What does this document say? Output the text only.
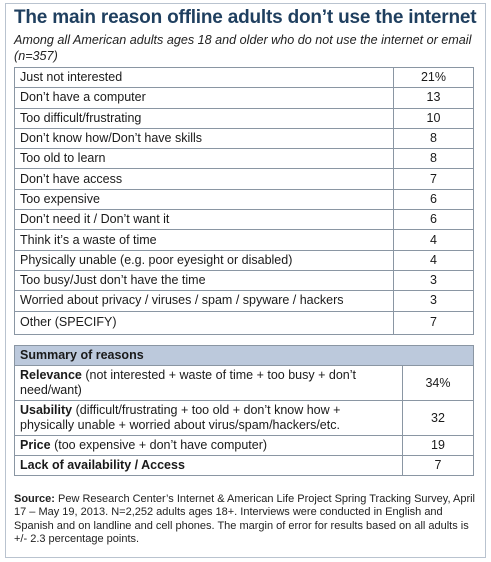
The main reason offline adults don’t use the internet
Among all American adults ages 18 and older who do not use the internet or email (n=357)
Just not interested	21%
Don’t have a computer	13
Too difficult/frustrating	10
Don’t know how/Don’t have skills	8
Too old to learn	8
Don’t have access	7
Too expensive	6
Don’t need it / Don’t want it	6
Think it’s a waste of time	4
Physically unable (e.g. poor eyesight or disabled)	4
Too busy/Just don’t have the time	3
Worried about privacy / viruses / spam / spyware / hackers	3
Other (SPECIFY)	7
Summary of reasons	
Relevance (not interested + waste of time + too busy + don’t need/want)	34%
Usability (difficult/frustrating + too old + don’t know how + physically unable + worried about virus/spam/hackers/etc.	32
Price (too expensive + don’t have computer)	19
Lack of availability / Access	7
Source: Pew Research Center’s Internet & American Life Project Spring Tracking Survey, April 17 – May 19, 2013. N=2,252 adults ages 18+. Interviews were conducted in English and Spanish and on landline and cell phones. The margin of error for results based on all adults is +/- 2.3 percentage points.
